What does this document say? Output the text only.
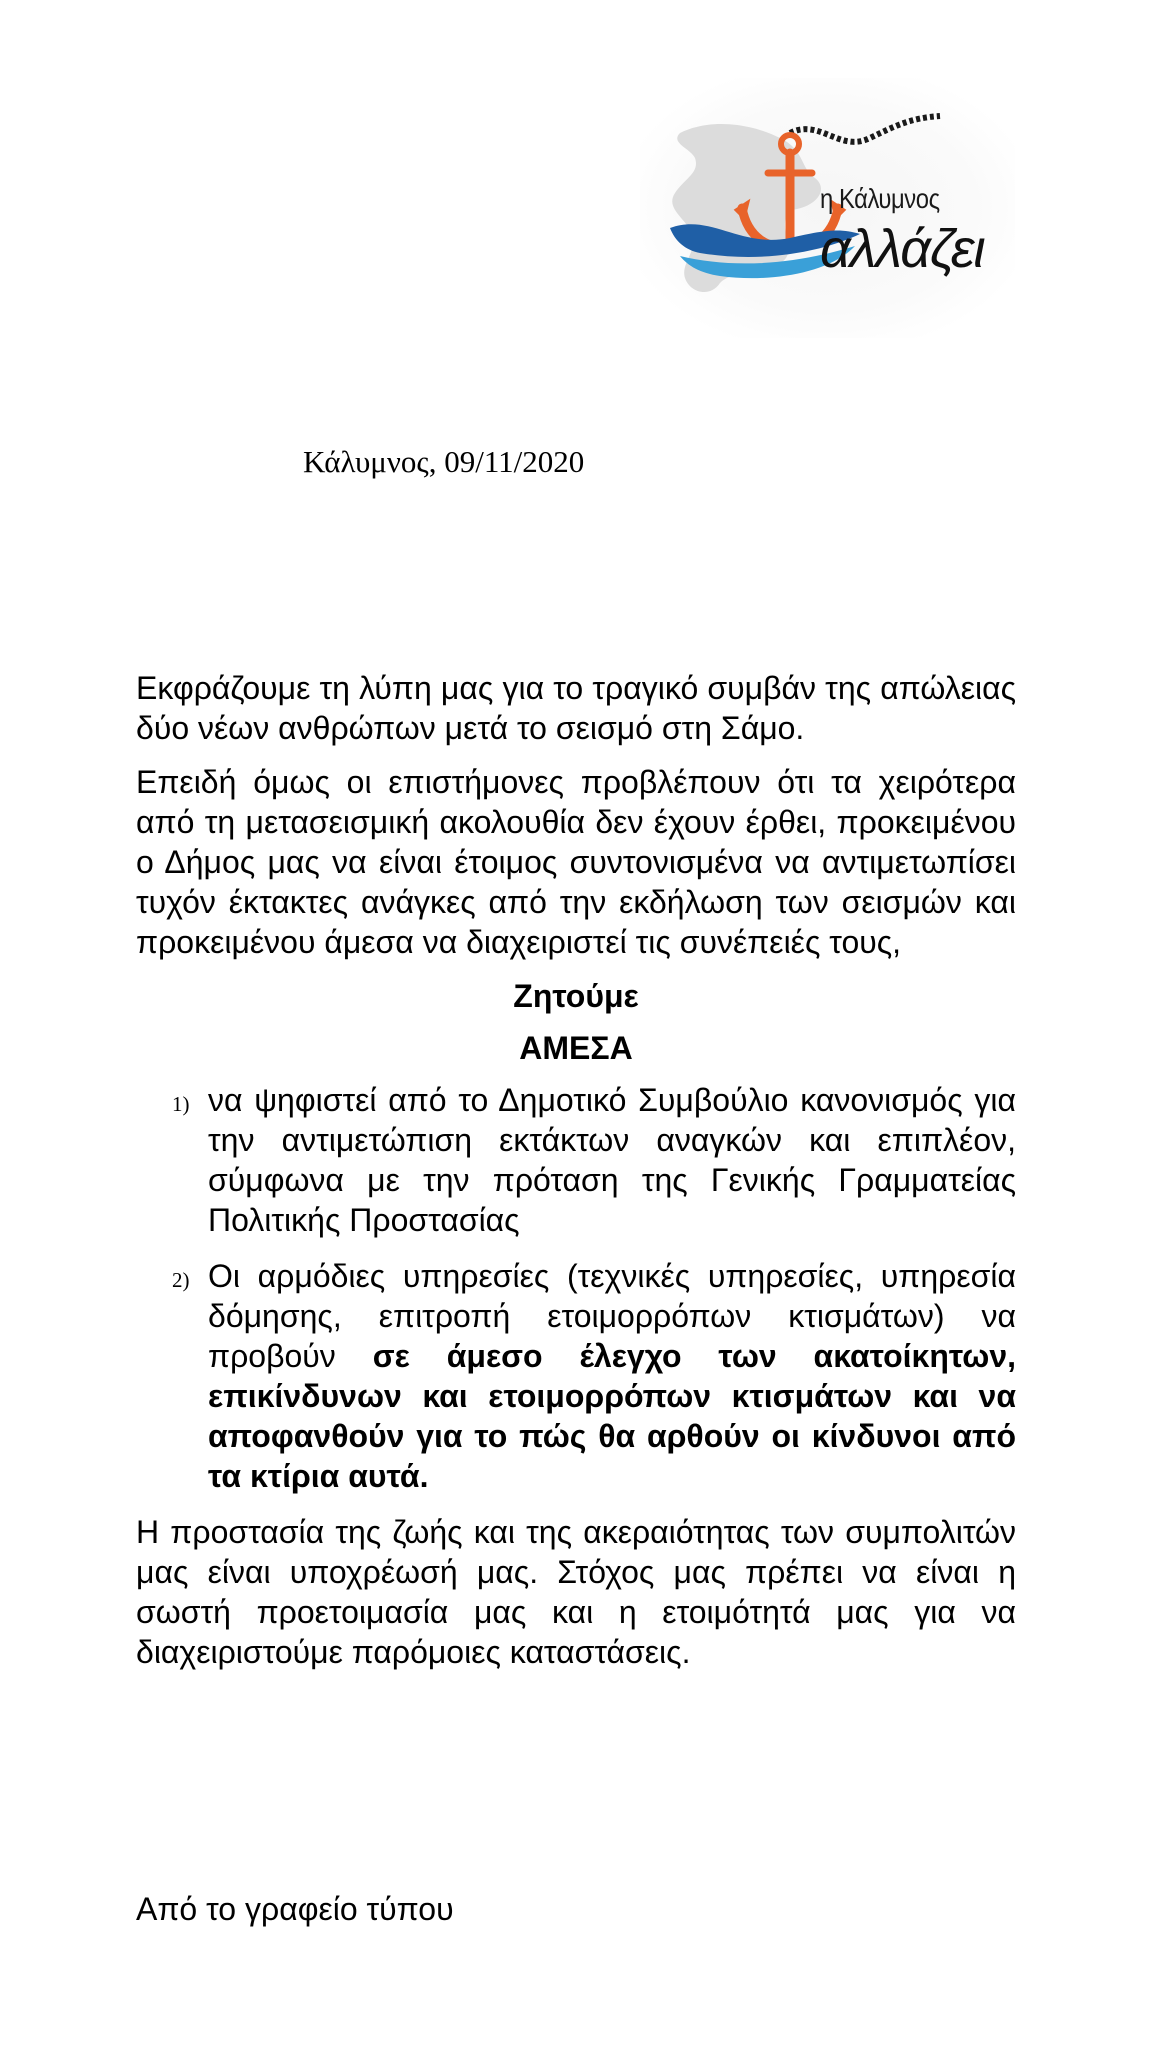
η Κάλυμνος
αλλάζει
Κάλυμνος, 09/11/2020

Εκφράζουμε τη λύπη μας για το τραγικό συμβάν της απώλειας δύο νέων ανθρώπων μετά το σεισμό στη Σάμο.

Επειδή όμως οι επιστήμονες προβλέπουν ότι τα χειρότερα από τη μετασεισμική ακολουθία δεν έχουν έρθει, προκειμένου ο Δήμος μας να είναι έτοιμος συντονισμένα να αντιμετωπίσει τυχόν έκτακτες ανάγκες από την εκδήλωση των σεισμών και προκειμένου άμεσα να διαχειριστεί τις συνέπειές τους,

Ζητούμε

ΑΜΕΣΑ

1) να ψηφιστεί από το Δημοτικό Συμβούλιο κανονισμός για την αντιμετώπιση εκτάκτων αναγκών και επιπλέον, σύμφωνα με την πρόταση της Γενικής Γραμματείας Πολιτικής Προστασίας
2) Οι αρμόδιες υπηρεσίες (τεχνικές υπηρεσίες, υπηρεσία δόμησης, επιτροπή ετοιμορρόπων κτισμάτων) να προβούν σε άμεσο έλεγχο των ακατοίκητων, επικίνδυνων και ετοιμορρόπων κτισμάτων και να αποφανθούν για το πώς θα αρθούν οι κίνδυνοι από τα κτίρια αυτά.

Η προστασία της ζωής και της ακεραιότητας των συμπολιτών μας είναι υποχρέωσή μας. Στόχος μας πρέπει να είναι η σωστή προετοιμασία μας και η ετοιμότητά μας για να διαχειριστούμε παρόμοιες καταστάσεις.

Από το γραφείο τύπου
